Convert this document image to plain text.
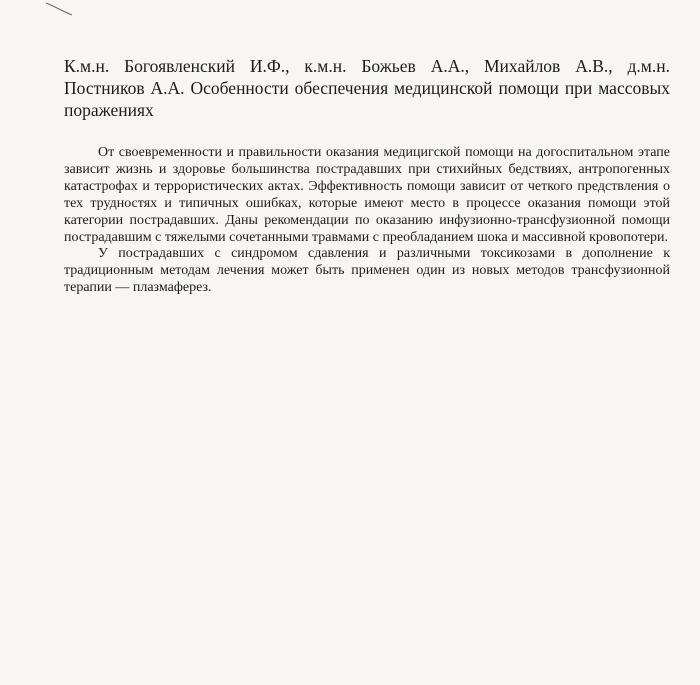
К.м.н. Богоявленский И.Ф., к.м.н. Божьев А.А., Михайлов А.В., д.м.н. Постников А.А. Особенности обеспечения медицинской помощи при массовых поражениях

От своевременности и правильности оказания медицигской помощи на догоспитальном этапе зависит жизнь и здоровье большинства пострадавших при стихийных бедствиях, антропогенных катастрофах и террористических актах. Эффективность помощи зависит от четкого предствления о тех трудностях и типичных ошибках, которые имеют место в процессе оказания помощи этой категории пострадавших. Даны рекомендации по оказанию инфузионно-трансфузионной помощи пострадавшим с тяжелыми сочетанными травмами с преобладанием шока и массивной кровопотери.

У пострадавших с синдромом сдавления и различными токсикозами в дополнение к традиционным методам лечения может быть применен один из новых методов трансфузионной терапии — плазмаферез.
